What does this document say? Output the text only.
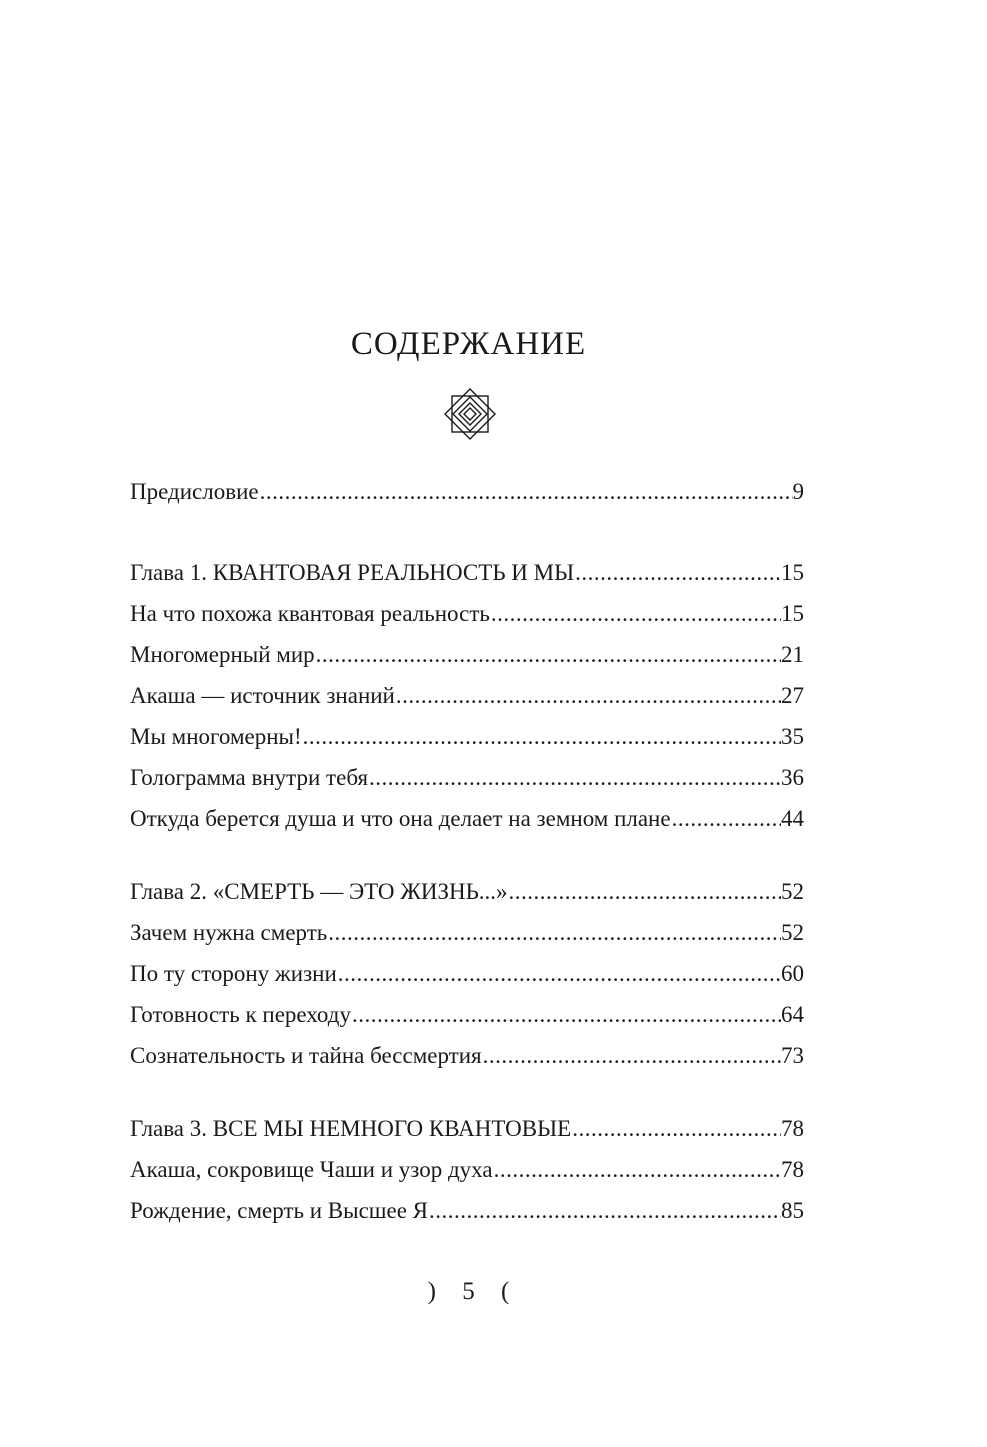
СОДЕРЖАНИЕ
Предисловие .....	9
Глава 1. КВАНТОВАЯ РЕАЛЬНОСТЬ И МЫ .....	15
На что похожа квантовая реальность .....	15
Многомерный мир .....	21
Акаша — источник знаний .....	27
Мы многомерны! .....	35
Голограмма внутри тебя .....	36
Откуда берется душа и что она делает на земном плане .....	44
Глава 2. «СМЕРТЬ — ЭТО ЖИЗНЬ...» .....	52
Зачем нужна смерть .....	52
По ту сторону жизни .....	60
Готовность к переходу .....	64
Сознательность и тайна бессмертия .....	73
Глава 3. ВСЕ МЫ НЕМНОГО КВАНТОВЫЕ .....	78
Акаша, сокровище Чаши и узор духа .....	78
Рождение, смерть и Высшее Я .....	85
) 5 (
